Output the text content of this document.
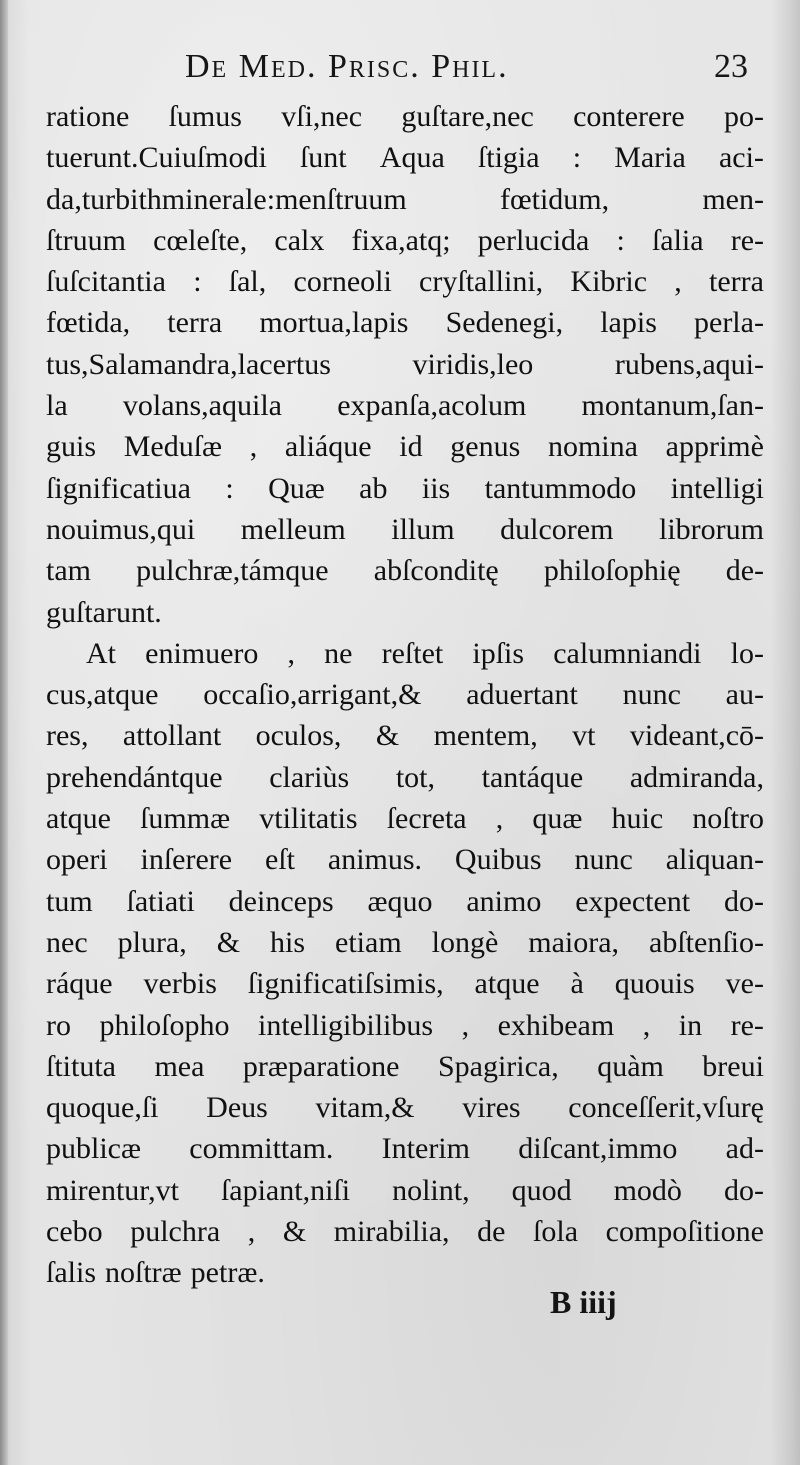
De Med. Prisc. Phil.	23
ratione ſumus vſi,nec guſtare,nec conterere po-
tuerunt.Cuiuſmodi ſunt Aqua ſtigia : Maria aci-
da,turbithminerale:menſtruum	fœtidum,	men-
ſtruum cœleſte, calx fixa,atq; perlucida : ſalia re-
ſuſcitantia : ſal, corneoli cryſtallini, Kibric , terra
fœtida, terra mortua,lapis Sedenegi, lapis perla-
tus,Salamandra,lacertus	viridis,leo	rubens,aqui-
la volans,aquila expanſa,acolum montanum,ſan-
guis Meduſæ , aliáque id genus nomina apprimè
ſignificatiua : Quæ ab iis tantummodo intelligi
nouimus,qui melleum illum dulcorem librorum
tam pulchræ,támque abſconditę philoſophię de-
guſtarunt.
At enimuero , ne reſtet ipſis calumniandi lo-
cus,atque occaſio,arrigant,& aduertant nunc au-
res, attollant oculos, & mentem, vt videant,cō-
prehendántque clariùs tot, tantáque admiranda,
atque ſummæ vtilitatis ſecreta , quæ huic noſtro
operi inſerere eſt animus. Quibus nunc aliquan-
tum ſatiati deinceps æquo animo expectent do-
nec plura, & his etiam longè maiora, abſtenſio-
ráque verbis ſignificatiſsimis, atque à quouis ve-
ro philoſopho intelligibilibus , exhibeam , in re-
ſtituta mea præparatione Spagirica, quàm breui
quoque,ſi Deus vitam,& vires conceſſerit,vſurę
publicæ committam. Interim diſcant,immo ad-
mirentur,vt ſapiant,niſi nolint, quod modò do-
cebo pulchra , & mirabilia, de ſola compoſitione
ſalis noſtræ petræ.
B iiij
